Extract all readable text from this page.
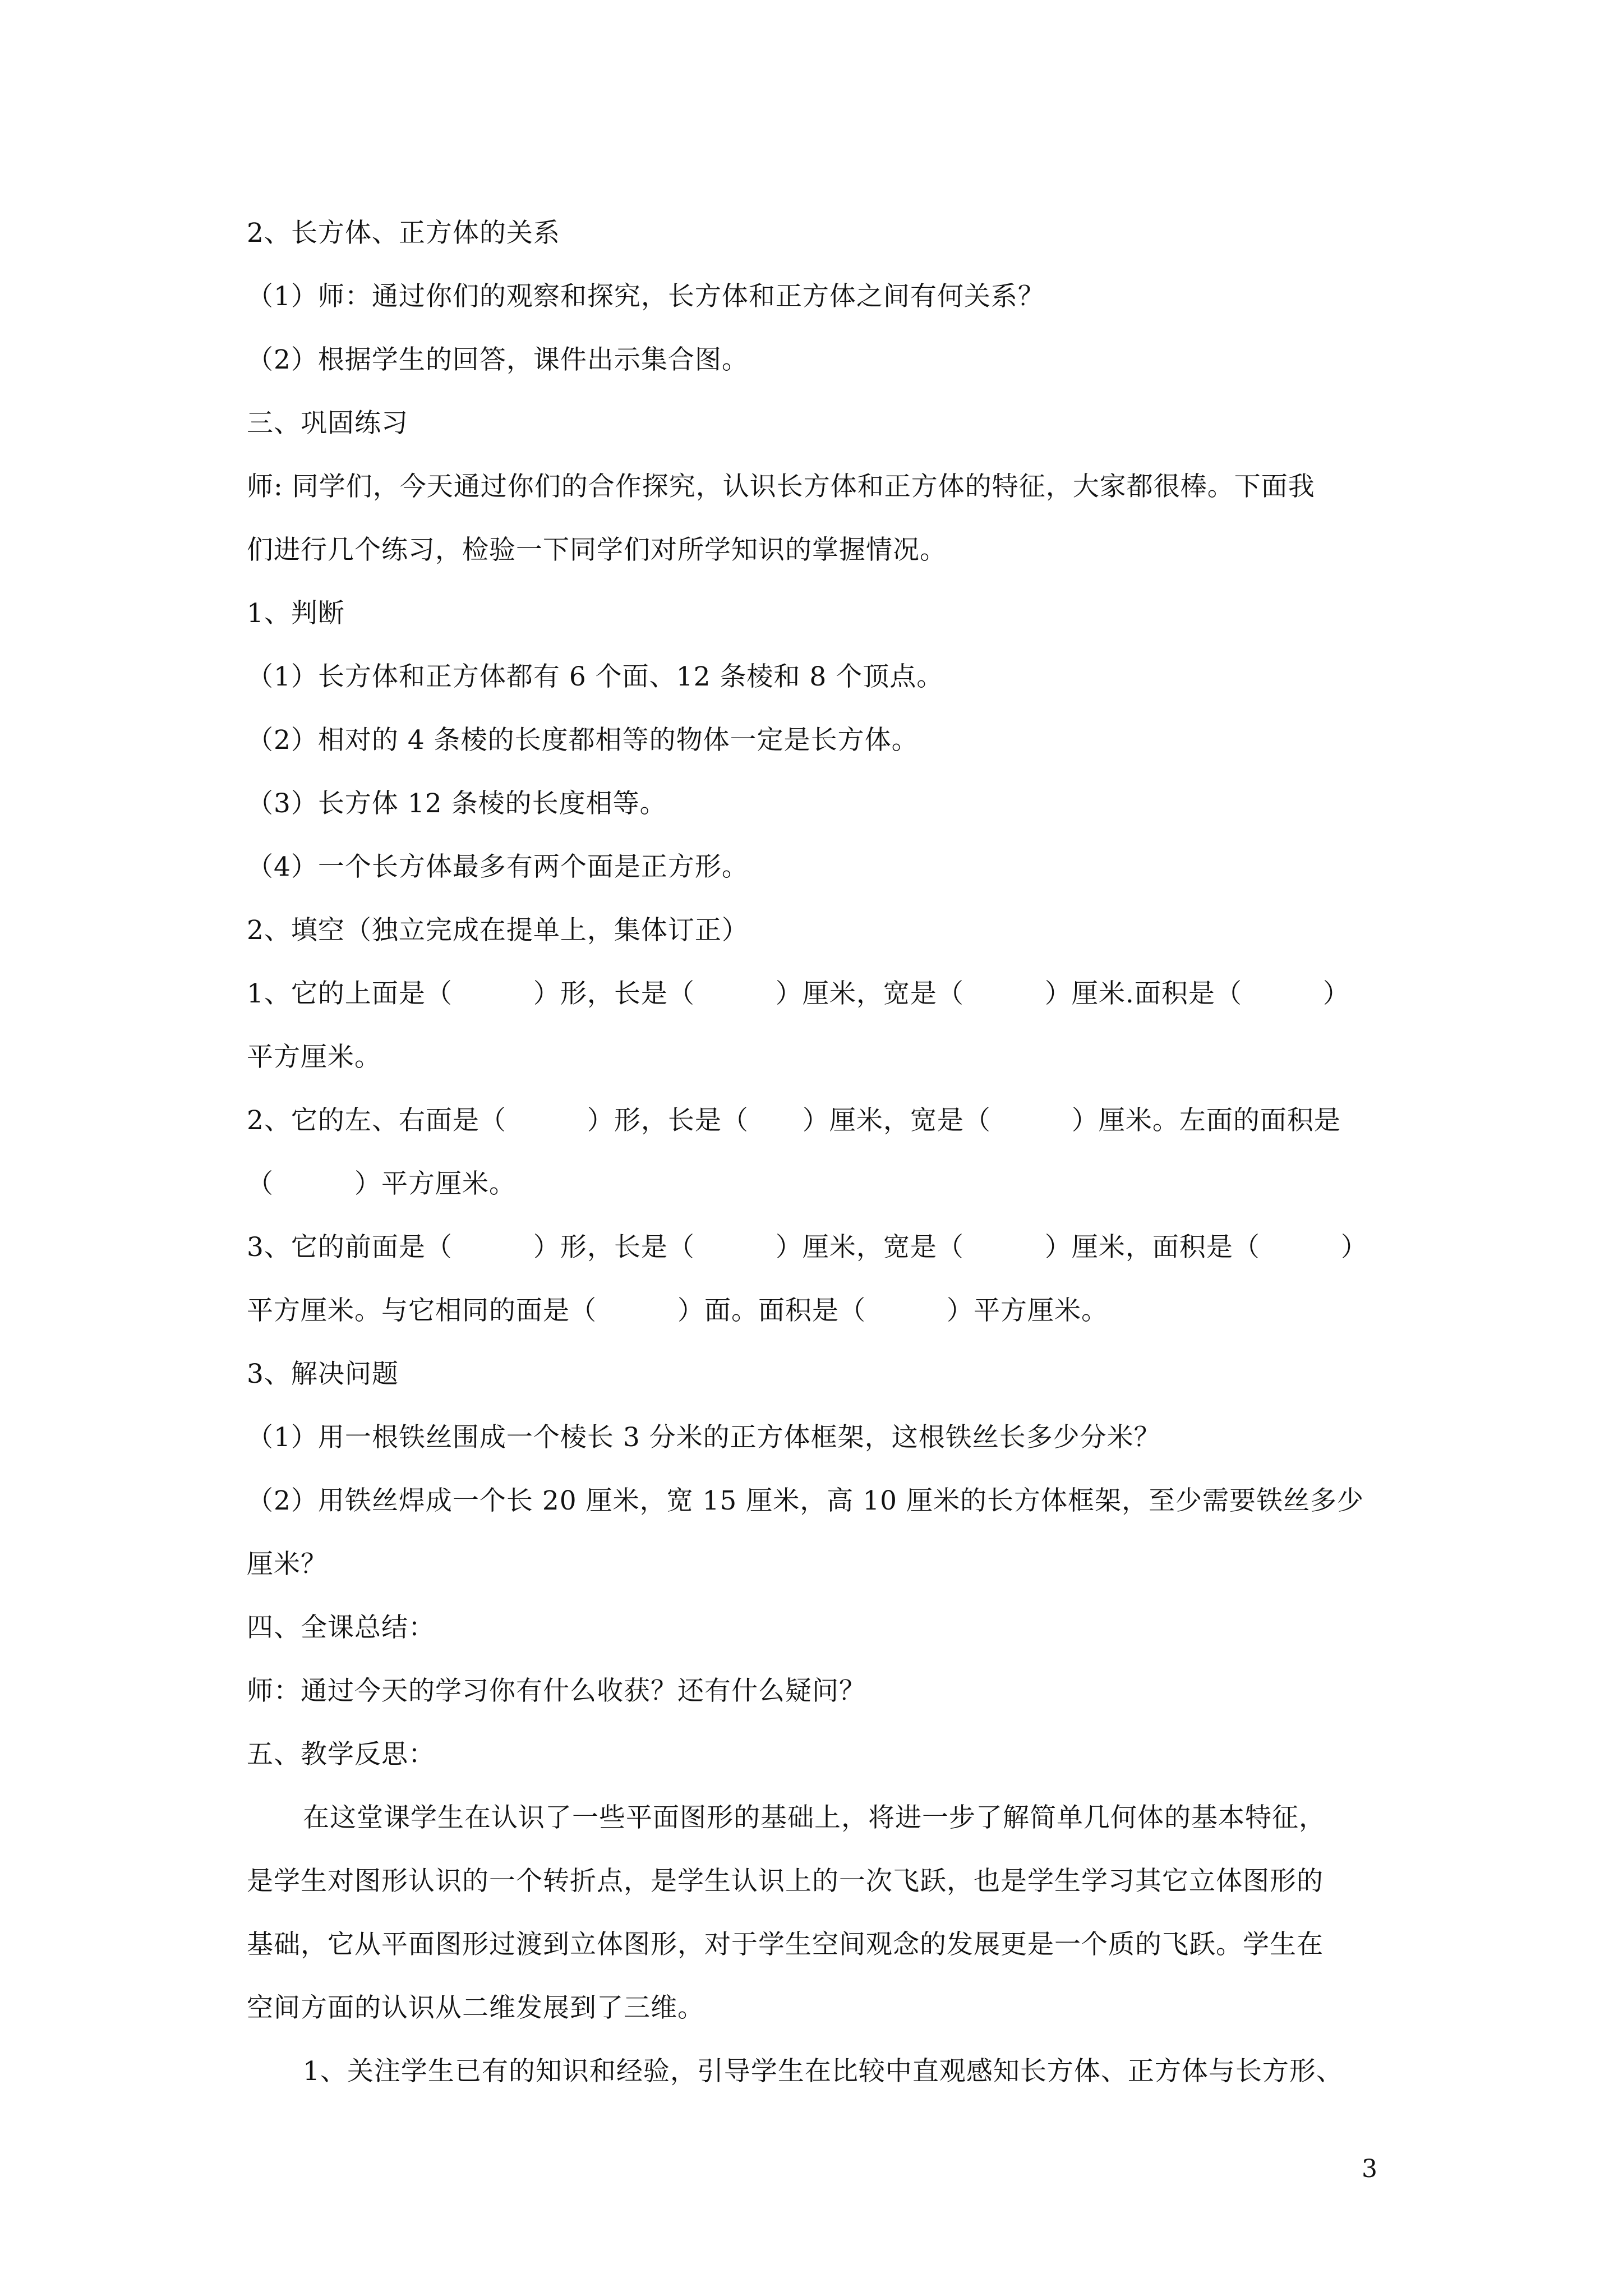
2、长方体、正方体的关系
（1）师：通过你们的观察和探究，长方体和正方体之间有何关系？
（2）根据学生的回答，课件出示集合图。
三、巩固练习
师: 同学们，今天通过你们的合作探究，认识长方体和正方体的特征，大家都很棒。下面我
们进行几个练习，检验一下同学们对所学知识的掌握情况。
1、判断
（1）长方体和正方体都有 6 个面、12 条棱和 8 个顶点。
（2）相对的 4 条棱的长度都相等的物体一定是长方体。
（3）长方体 12 条棱的长度相等。
（4）一个长方体最多有两个面是正方形。
2、填空（独立完成在提单上，集体订正）
1、它的上面是（　　　）形，长是（　　　）厘米，宽是（　　　）厘米.面积是（　　　）
平方厘米。
2、它的左、右面是（　　　）形，长是（　　）厘米，宽是（　　　）厘米。左面的面积是
（　　　）平方厘米。
3、它的前面是（　　　）形，长是（　　　）厘米，宽是（　　　）厘米，面积是（　　　）
平方厘米。与它相同的面是（　　　）面。面积是（　　　）平方厘米。
3、解决问题
（1）用一根铁丝围成一个棱长 3 分米的正方体框架，这根铁丝长多少分米？
（2）用铁丝焊成一个长 20 厘米，宽 15 厘米，高 10 厘米的长方体框架，至少需要铁丝多少
厘米？
四、全课总结：
师：通过今天的学习你有什么收获？还有什么疑问？
五、教学反思：
在这堂课学生在认识了一些平面图形的基础上，将进一步了解简单几何体的基本特征，
是学生对图形认识的一个转折点，是学生认识上的一次飞跃，也是学生学习其它立体图形的
基础，它从平面图形过渡到立体图形，对于学生空间观念的发展更是一个质的飞跃。学生在
空间方面的认识从二维发展到了三维。
1、关注学生已有的知识和经验，引导学生在比较中直观感知长方体、正方体与长方形、
3
